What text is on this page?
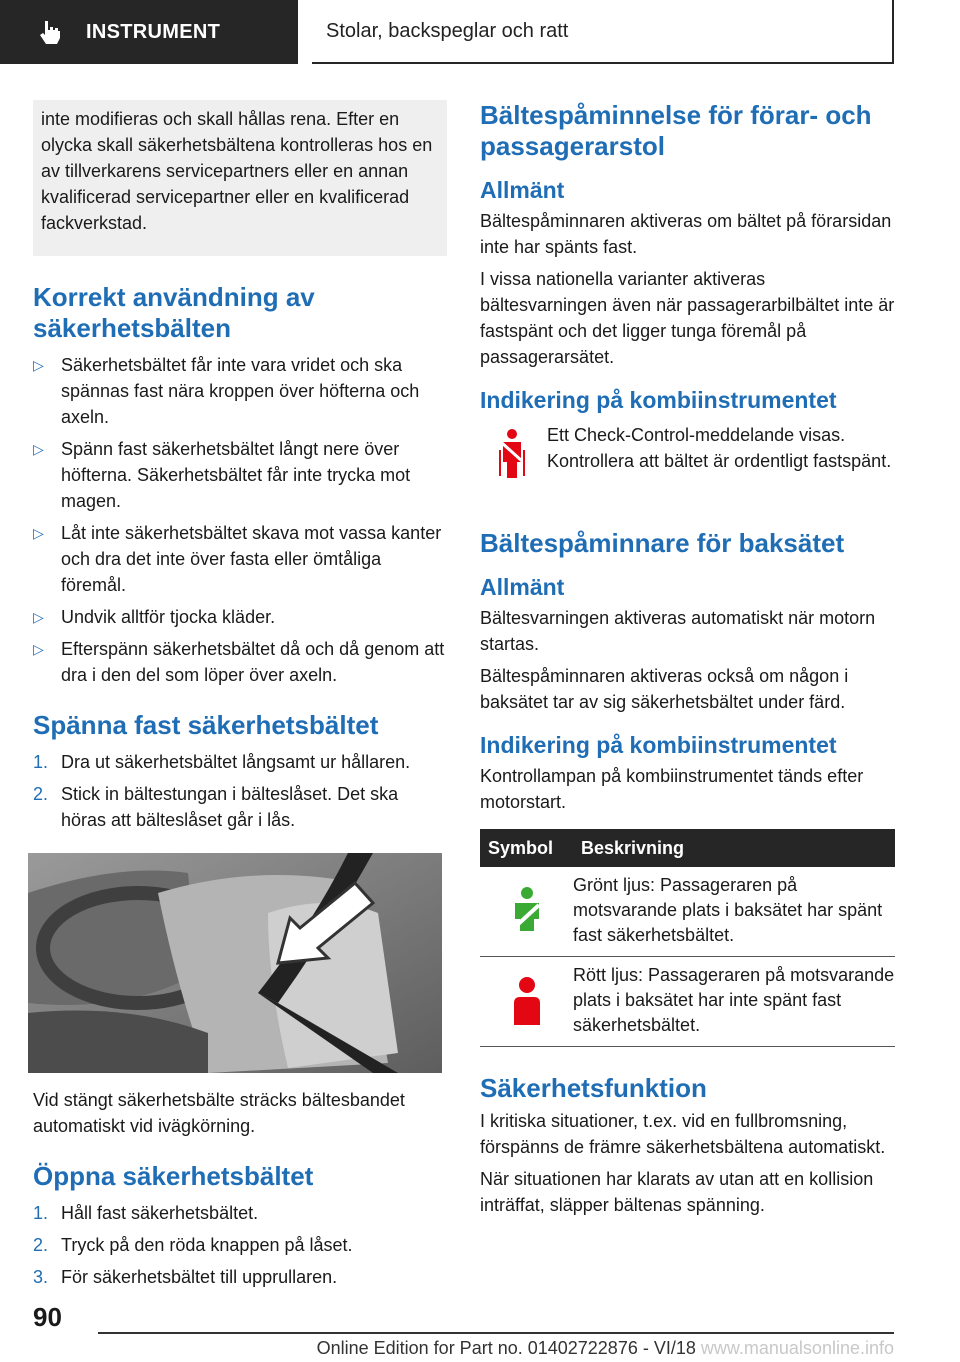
INSTRUMENT	Stolar, backspeglar och ratt

inte modifieras och skall hållas rena. Efter en olycka skall säkerhetsbältena kontrolleras hos en av tillverkarens servicepartners eller en annan kvalificerad servicepartner eller en kvalificerad fackverkstad.

Korrekt användning av säkerhetsbälten
▷ Säkerhetsbältet får inte vara vridet och ska spännas fast nära kroppen över höfterna och axeln.
▷ Spänn fast säkerhetsbältet långt nere över höfterna. Säkerhetsbältet får inte trycka mot magen.
▷ Låt inte säkerhetsbältet skava mot vassa kanter och dra det inte över fasta eller ömtåliga föremål.
▷ Undvik alltför tjocka kläder.
▷ Efterspänn säkerhetsbältet då och då genom att dra i den del som löper över axeln.
Spänna fast säkerhetsbältet
1. Dra ut säkerhetsbältet långsamt ur hållaren.
2. Stick in bältestungan i bälteslåset. Det ska höras att bälteslåset går i lås.

Vid stängt säkerhetsbälte sträcks bältesbandet automatiskt vid ivägkörning.

Öppna säkerhetsbältet
1. Håll fast säkerhetsbältet.
2. Tryck på den röda knappen på låset.
3. För säkerhetsbältet till upprullaren.
Bältespåminnelse för förar- och passagerarstol
Allmänt

Bältespåminnaren aktiveras om bältet på förarsidan inte har spänts fast.

I vissa nationella varianter aktiveras bältesvarningen även när passagerarbilbältet inte är fastspänt och det ligger tunga föremål på passagerarsätet.

Indikering på kombiinstrumentet

Ett Check-Control-meddelande visas. Kontrollera att bältet är ordentligt fastspänt.

Bältespåminnare för baksätet
Allmänt

Bältesvarningen aktiveras automatiskt när motorn startas.

Bältespåminnaren aktiveras också om någon i baksätet tar av sig säkerhetsbältet under färd.

Indikering på kombiinstrumentet

Kontrollampan på kombiinstrumentet tänds efter motorstart.

Symbol	Beskrivning
	Grönt ljus: Passageraren på motsvarande plats i baksätet har spänt fast säkerhetsbältet.
	Rött ljus: Passageraren på motsvarande plats i baksätet har inte spänt fast säkerhetsbältet.
Säkerhetsfunktion

I kritiska situationer, t.ex. vid en fullbromsning, förspänns de främre säkerhetsbältena automatiskt.

När situationen har klarats av utan att en kollision inträffat, släpper bältenas spänning.

90
Online Edition for Part no. 01402722876 - VI/18 www.manualsonline.info
